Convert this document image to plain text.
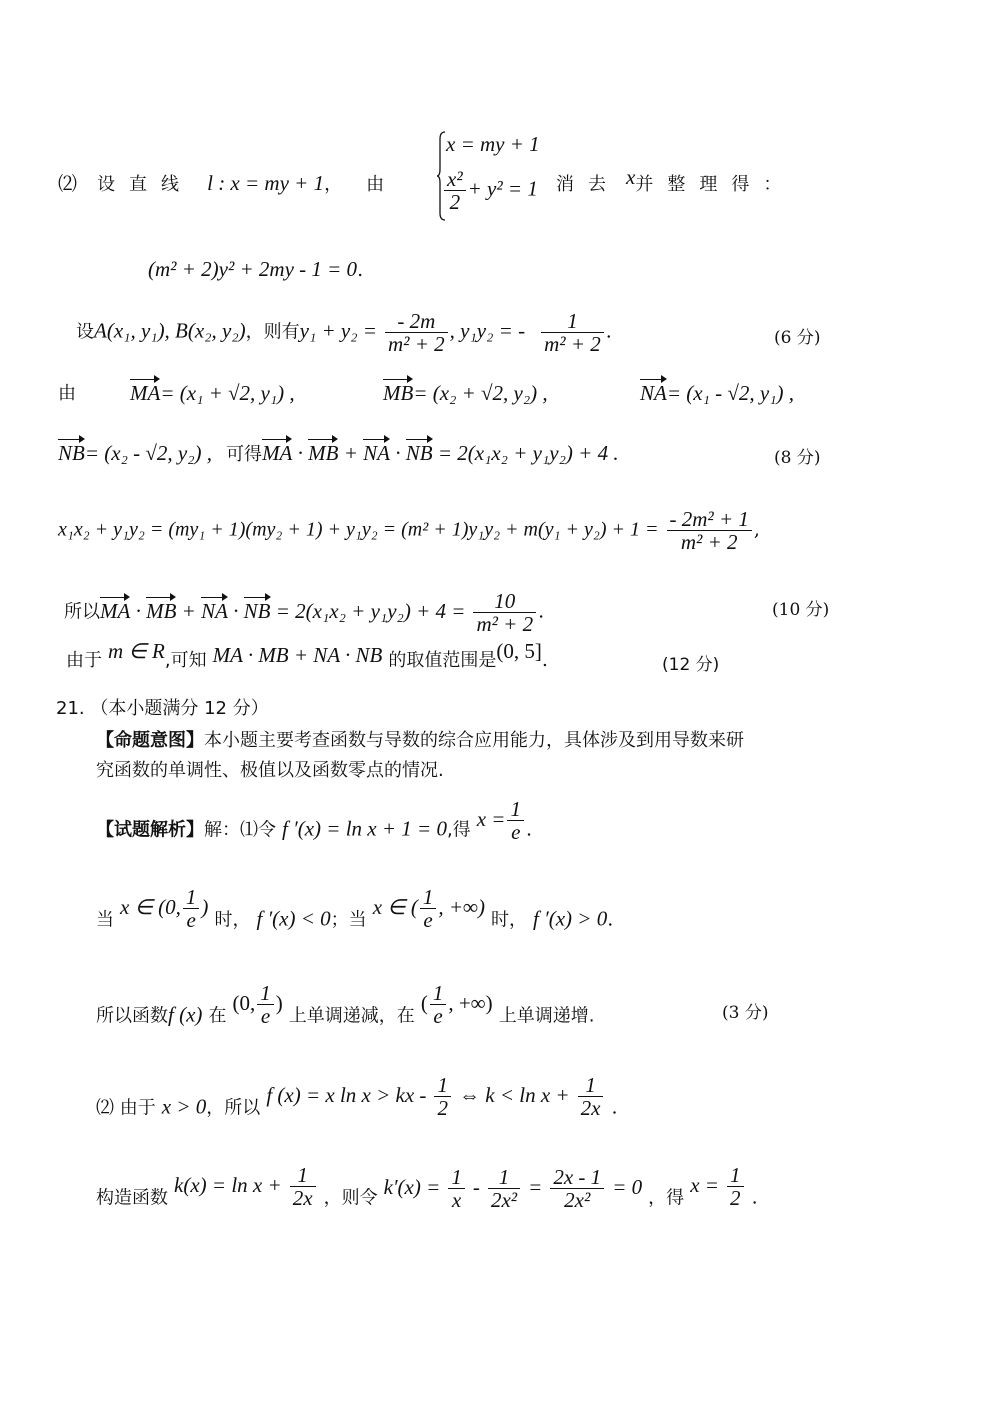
⑵ 设直线 l : x = my + 1， 由
x = my + 1
$\frac{\text{x²}}{2} + y^2 = 1$ 消去 x并整理得：
(m² + 2)y² + 2my - 1 = 0.
设A(x₁, y₁), B(x₂, y₂)，则有$y_1 + y_2 = \frac{- 2m}{\text{m² + 2}}$ , y₁y₂ = - $\frac{1}{\text{m² + 2}}$ .	(6 分)
由	MA= (x₁ + √2, y₁) ,	MB= (x₂ + √2, y₂) ,	NA= (x₁ - √2, y₁) ,
NB= (x₂ - √2, y₂) , 可得MA · MB + NA · NB = 2(x₁x₂ + y₁y₂) + 4 .	(8 分)
$x_1x_2 + y_1y_2 = (my_1 + 1)(my_2 + 1) + y_1y_2 = (m^2 + 1)y_1y_2 + m(y_1 + y_2) + 1 = \frac{\text{- 2m² + 1}}{\text{m² + 2}}$ ,
所以MA · MB + NA · NB = $2(x_1x_2 + y_1y_2) + 4 = \frac{10}{\text{m² + 2}}$ .	(10 分)
由于 m ∈ R,可知 MA · MB + NA · NB 的取值范围是(0, 5].	(12 分)
21. （本小题满分 12 分）
【命题意图】本小题主要考查函数与导数的综合应用能力，具体涉及到用导数来研
究函数的单调性、极值以及函数零点的情况.
【试题解析】解：⑴令 f ′(x) = ln x + 1 = 0,得 $x = \frac{1}{e}$ .
当 x ∈ (0, $\frac{1}{e}$ ) 时， f ′(x) < 0；当 x ∈ ( $\frac{1}{e}$ , +∞) 时， f ′(x) > 0.
所以函数f (x) 在 (0, $\frac{1}{e}$ ) 上单调递减，在 ( $\frac{1}{e}$ , +∞) 上单调递增.	(3 分)
⑵ 由于 x > 0，所以 f (x) = x ln x > kx - $\frac{1}{2}$ ⇔ $k < \ln x + \frac{1}{2x}$ .
构造函数 $k(x) = \ln x + \frac{1}{2x}$ ，则令 $k'(x) = \frac{1}{x} - \frac{1}{\text{2x²}} = \frac{2x - 1}{\text{2x²}} = 0$ ，得 $x = \frac{1}{2}$ .
